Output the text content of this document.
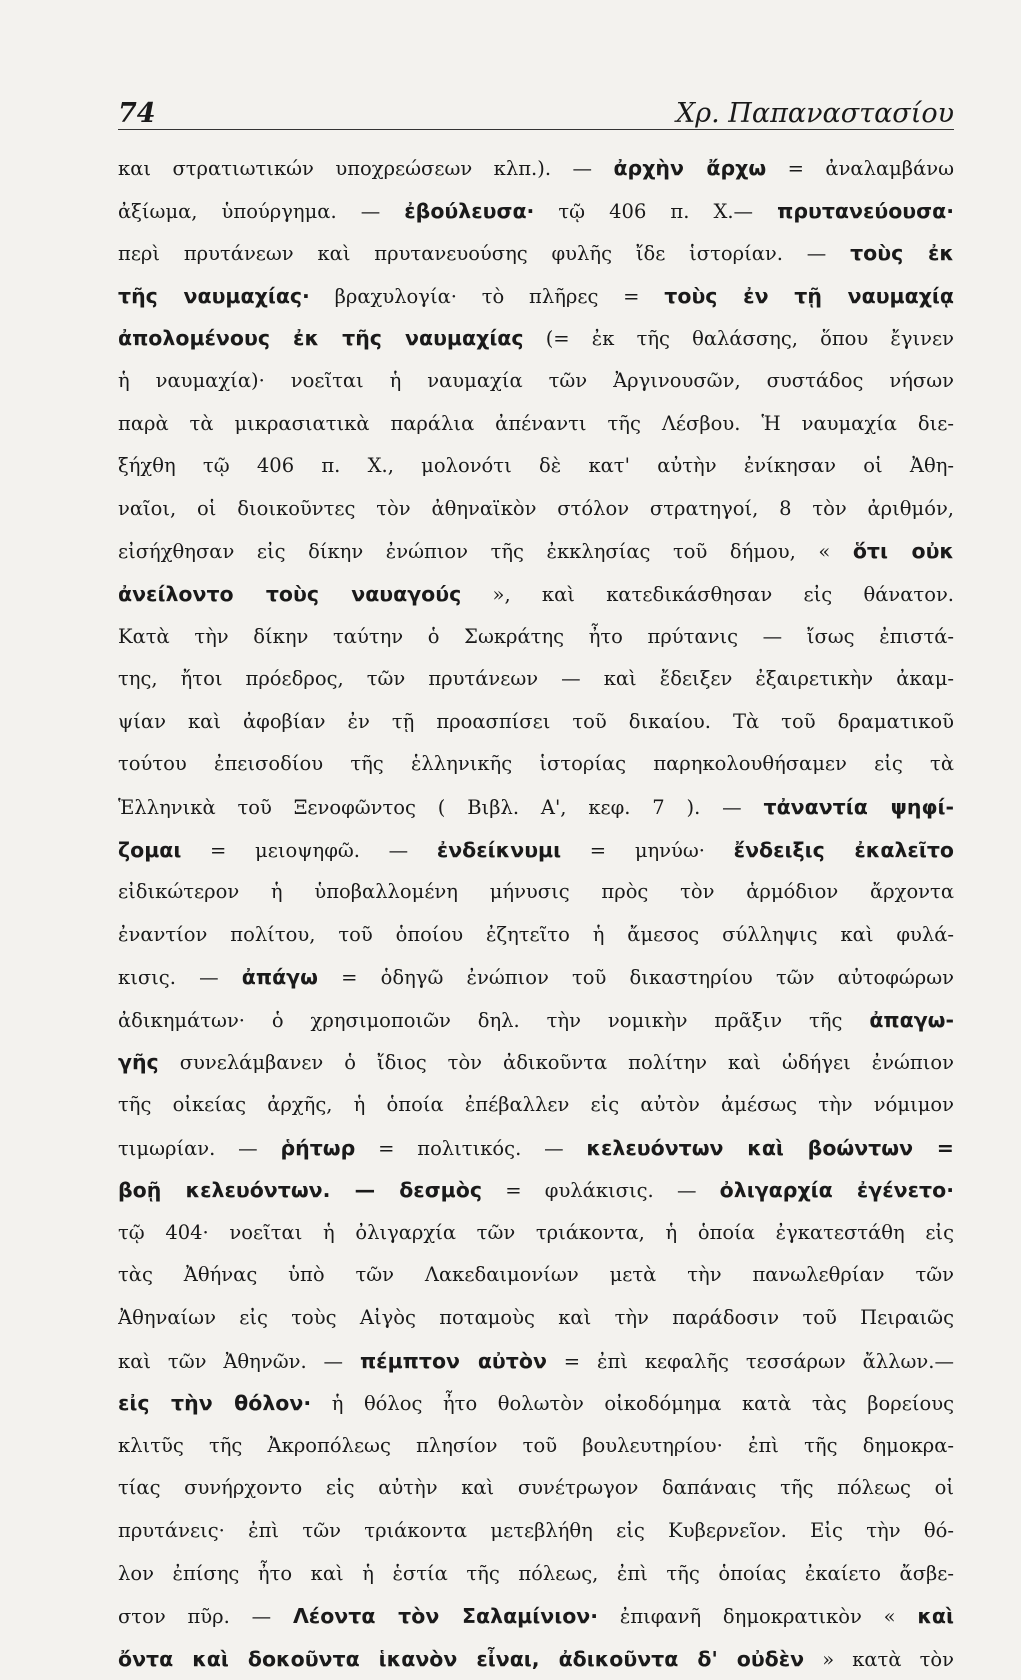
74	Χρ. Παπαναστασίου
και στρατιωτικών υποχρεώσεων κλπ.). — ἀρχὴν ἄρχω = ἀναλαμβάνω
ἀξίωμα, ὑπούργημα. — ἐβούλευσα· τῷ 406 π. Χ.— πρυτανεύουσα·
περὶ πρυτάνεων καὶ πρυτανευούσης φυλῆς ἴδε ἱστορίαν. — τοὺς ἐκ
τῆς ναυμαχίας· βραχυλογία· τὸ πλῆρες = τοὺς ἐν τῇ ναυμαχίᾳ
ἀπολομένους ἐκ τῆς ναυμαχίας (= ἐκ τῆς θαλάσσης, ὅπου ἔγινεν
ἡ ναυμαχία)· νοεῖται ἡ ναυμαχία τῶν Ἀργινουσῶν, συστάδος νήσων
παρὰ τὰ μικρασιατικὰ παράλια ἀπέναντι τῆς Λέσβου. Ἡ ναυμαχία διε-
ξήχθη τῷ 406 π. Χ., μολονότι δὲ κατ' αὐτὴν ἐνίκησαν οἱ Ἀθη-
ναῖοι, οἱ διοικοῦντες τὸν ἀθηναϊκὸν στόλον στρατηγοί, 8 τὸν ἀριθμόν,
εἰσήχθησαν εἰς δίκην ἐνώπιον τῆς ἐκκλησίας τοῦ δήμου, « ὅτι οὐκ
ἀνείλοντο τοὺς ναυαγούς », καὶ κατεδικάσθησαν εἰς θάνατον.
Κατὰ τὴν δίκην ταύτην ὁ Σωκράτης ἦτο πρύτανις — ἴσως ἐπιστά-
της, ἤτοι πρόεδρος, τῶν πρυτάνεων — καὶ ἔδειξεν ἐξαιρετικὴν ἀκαμ-
ψίαν καὶ ἀφοβίαν ἐν τῇ προασπίσει τοῦ δικαίου. Τὰ τοῦ δραματικοῦ
τούτου ἐπεισοδίου τῆς ἑλληνικῆς ἱστορίας παρηκολουθήσαμεν εἰς τὰ
Ἑλληνικὰ τοῦ Ξενοφῶντος ( Βιβλ. Α', κεφ. 7 ). — τἀναντία ψηφί-
ζομαι = μειοψηφῶ. — ἐνδείκνυμι = μηνύω· ἔνδειξις ἐκαλεῖτο
εἰδικώτερον ἡ ὑποβαλλομένη μήνυσις πρὸς τὸν ἁρμόδιον ἄρχοντα
ἐναντίον πολίτου, τοῦ ὁποίου ἐζητεῖτο ἡ ἄμεσος σύλληψις καὶ φυλά-
κισις. — ἀπάγω = ὁδηγῶ ἐνώπιον τοῦ δικαστηρίου τῶν αὐτοφώρων
ἀδικημάτων· ὁ χρησιμοποιῶν δηλ. τὴν νομικὴν πρᾶξιν τῆς ἀπαγω-
γῆς συνελάμβανεν ὁ ἴδιος τὸν ἀδικοῦντα πολίτην καὶ ὡδήγει ἐνώπιον
τῆς οἰκείας ἀρχῆς, ἡ ὁποία ἐπέβαλλεν εἰς αὐτὸν ἀμέσως τὴν νόμιμον
τιμωρίαν. — ῥήτωρ = πολιτικός. — κελευόντων καὶ βοώντων =
βοῇ κελευόντων. — δεσμὸς = φυλάκισις. — ὀλιγαρχία ἐγένετο·
τῷ 404· νοεῖται ἡ ὀλιγαρχία τῶν τριάκοντα, ἡ ὁποία ἐγκατεστάθη εἰς
τὰς Ἀθήνας ὑπὸ τῶν Λακεδαιμονίων μετὰ τὴν πανωλεθρίαν τῶν
Ἀθηναίων εἰς τοὺς Αἰγὸς ποταμοὺς καὶ τὴν παράδοσιν τοῦ Πειραιῶς
καὶ τῶν Ἀθηνῶν. — πέμπτον αὐτὸν = ἐπὶ κεφαλῆς τεσσάρων ἄλλων.—
εἰς τὴν θόλον· ἡ θόλος ἦτο θολωτὸν οἰκοδόμημα κατὰ τὰς βορείους
κλιτῦς τῆς Ἀκροπόλεως πλησίον τοῦ βουλευτηρίου· ἐπὶ τῆς δημοκρα-
τίας συνήρχοντο εἰς αὐτὴν καὶ συνέτρωγον δαπάναις τῆς πόλεως οἱ
πρυτάνεις· ἐπὶ τῶν τριάκοντα μετεβλήθη εἰς Κυβερνεῖον. Εἰς τὴν θό-
λον ἐπίσης ἦτο καὶ ἡ ἑστία τῆς πόλεως, ἐπὶ τῆς ὁποίας ἐκαίετο ἄσβε-
στον πῦρ. — Λέοντα τὸν Σαλαμίνιον· ἐπιφανῆ δημοκρατικὸν « καὶ
ὄντα καὶ δοκοῦντα ἱκανὸν εἶναι, ἀδικοῦντα δ' οὐδὲν » κατὰ τὸν
